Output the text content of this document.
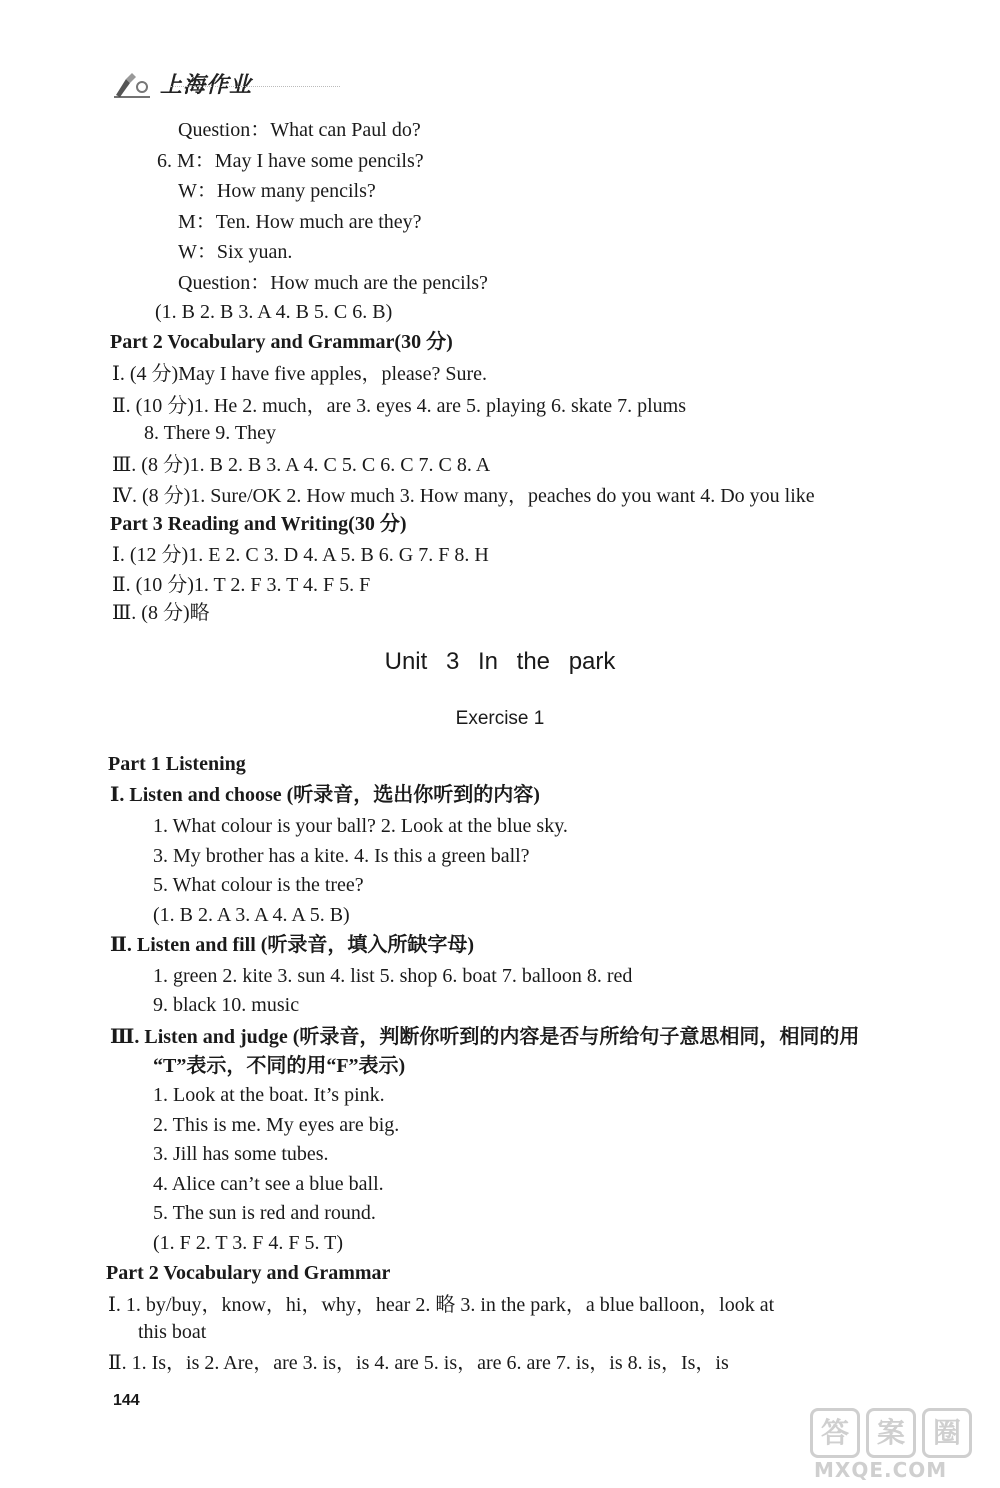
上海作业
Question：What can Paul do?
6. M：May I have some pencils?
W：How many pencils?
M：Ten. How much are they?
W：Six yuan.
Question：How much are the pencils?
(1. B 2. B 3. A 4. B 5. C 6. B)
Part 2 Vocabulary and Grammar(30 分)
Ⅰ. (4 分)May I have five apples，please? Sure.
Ⅱ. (10 分)1. He 2. much，are 3. eyes 4. are 5. playing 6. skate 7. plums
8. There 9. They
Ⅲ. (8 分)1. B 2. B 3. A 4. C 5. C 6. C 7. C 8. A
Ⅳ. (8 分)1. Sure/OK 2. How much 3. How many，peaches do you want 4. Do you like
Part 3 Reading and Writing(30 分)
Ⅰ. (12 分)1. E 2. C 3. D 4. A 5. B 6. G 7. F 8. H
Ⅱ. (10 分)1. T 2. F 3. T 4. F 5. F
Ⅲ. (8 分)略
Unit 3 In the park
Exercise 1
Part 1 Listening
Ⅰ. Listen and choose (听录音，选出你听到的内容)
1. What colour is your ball? 2. Look at the blue sky.
3. My brother has a kite. 4. Is this a green ball?
5. What colour is the tree?
(1. B 2. A 3. A 4. A 5. B)
Ⅱ. Listen and fill (听录音，填入所缺字母)
1. green 2. kite 3. sun 4. list 5. shop 6. boat 7. balloon 8. red
9. black 10. music
Ⅲ. Listen and judge (听录音，判断你听到的内容是否与所给句子意思相同，相同的用
“T”表示，不同的用“F”表示)
1. Look at the boat. It’s pink.
2. This is me. My eyes are big.
3. Jill has some tubes.
4. Alice can’t see a blue ball.
5. The sun is red and round.
(1. F 2. T 3. F 4. F 5. T)
Part 2 Vocabulary and Grammar
Ⅰ. 1. by/buy，know，hi，why，hear 2. 略 3. in the park，a blue balloon，look at
this boat
Ⅱ. 1. Is，is 2. Are，are 3. is，is 4. are 5. is，are 6. are 7. is，is 8. is，Is，is
144
答 案 圈
MXQE.COM
